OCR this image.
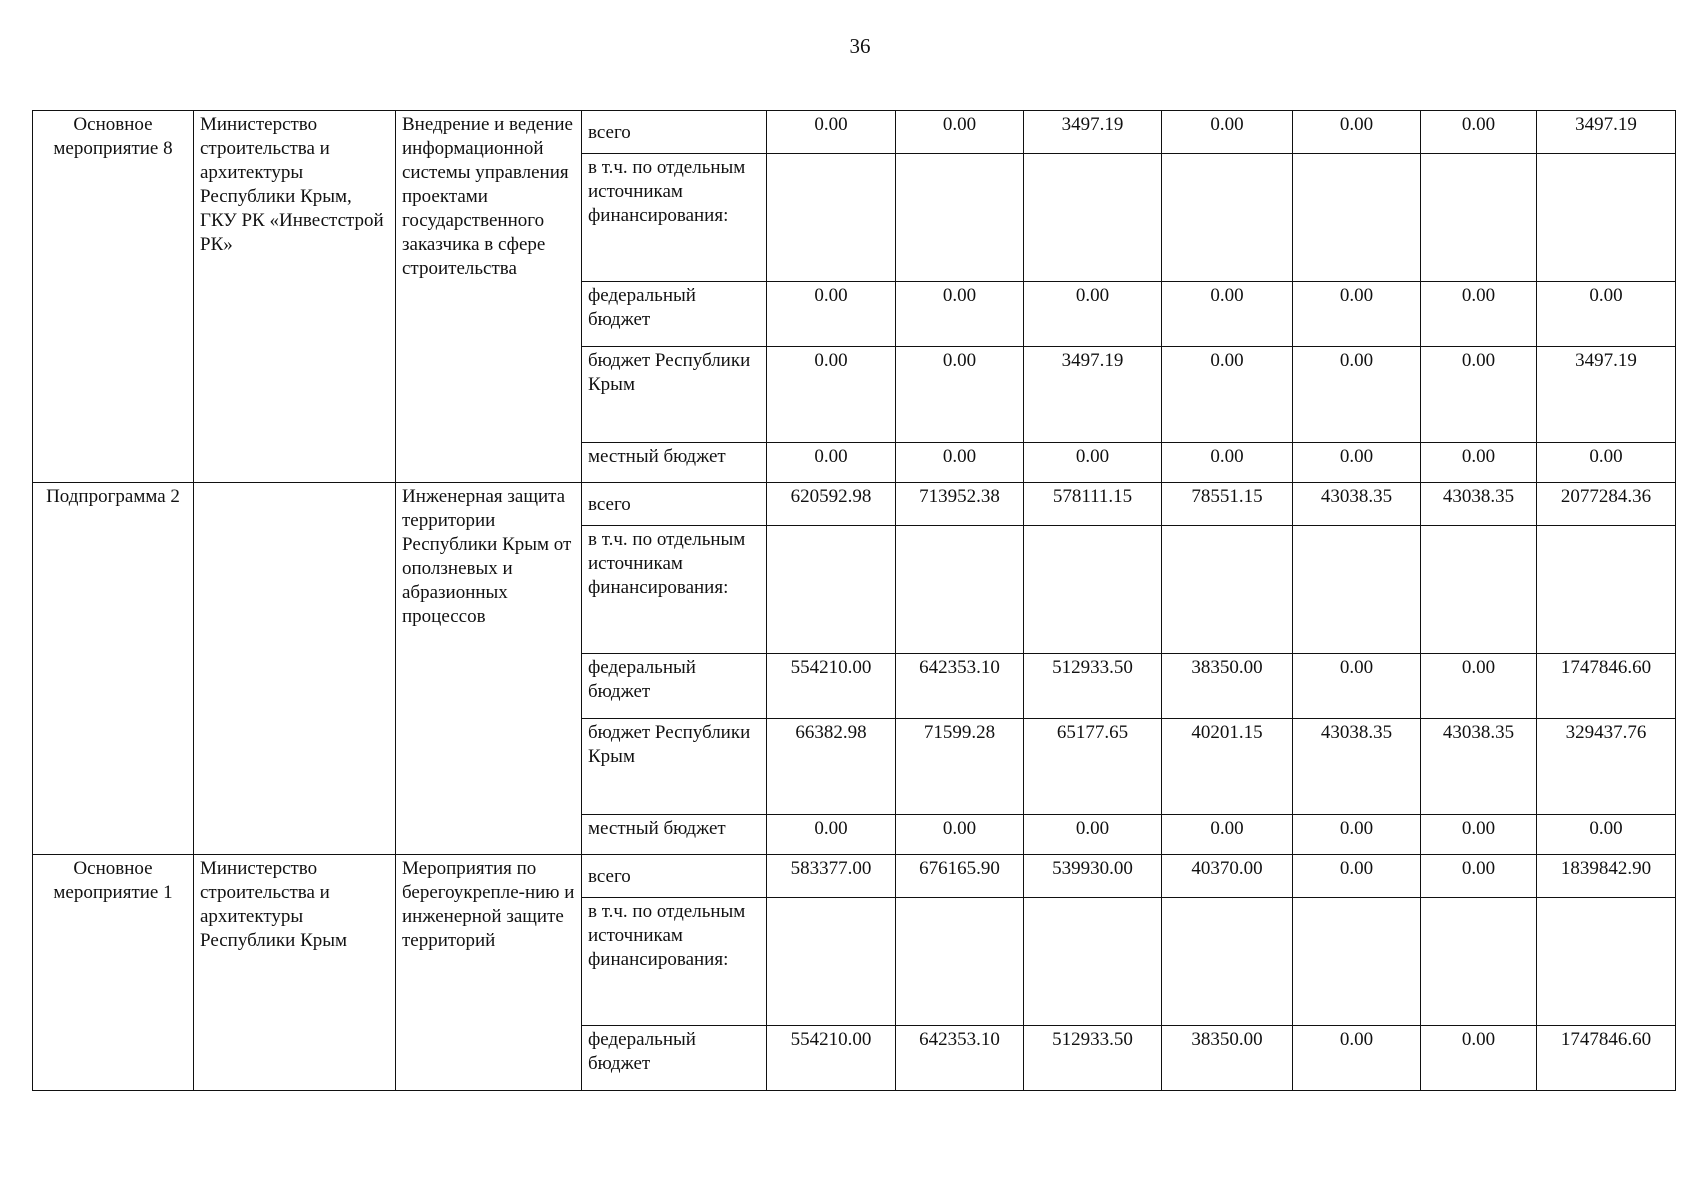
36
Основное мероприятие 8	Министерство строительства и архитектуры Республики Крым, ГКУ РК «Инвестстрой РК»	Внедрение и ведение информационной системы управления проектами государственного заказчика в сфере строительства	всего	0.00	0.00	3497.19	0.00	0.00	0.00	3497.19
			в т.ч. по отдельным источникам финансирования:							
			федеральный бюджет	0.00	0.00	0.00	0.00	0.00	0.00	0.00
			бюджет Республики Крым	0.00	0.00	3497.19	0.00	0.00	0.00	3497.19
			местный бюджет	0.00	0.00	0.00	0.00	0.00	0.00	0.00
Подпрограмма 2		Инженерная защита территории Республики Крым от оползневых и абразионных процессов	всего	620592.98	713952.38	578111.15	78551.15	43038.35	43038.35	2077284.36
			в т.ч. по отдельным источникам финансирования:							
			федеральный бюджет	554210.00	642353.10	512933.50	38350.00	0.00	0.00	1747846.60
			бюджет Республики Крым	66382.98	71599.28	65177.65	40201.15	43038.35	43038.35	329437.76
			местный бюджет	0.00	0.00	0.00	0.00	0.00	0.00	0.00
Основное мероприятие 1	Министерство строительства и архитектуры Республики Крым	Мероприятия по берегоукрепле-нию и инженерной защите территорий	всего	583377.00	676165.90	539930.00	40370.00	0.00	0.00	1839842.90
			в т.ч. по отдельным источникам финансирования:							
			федеральный бюджет	554210.00	642353.10	512933.50	38350.00	0.00	0.00	1747846.60
